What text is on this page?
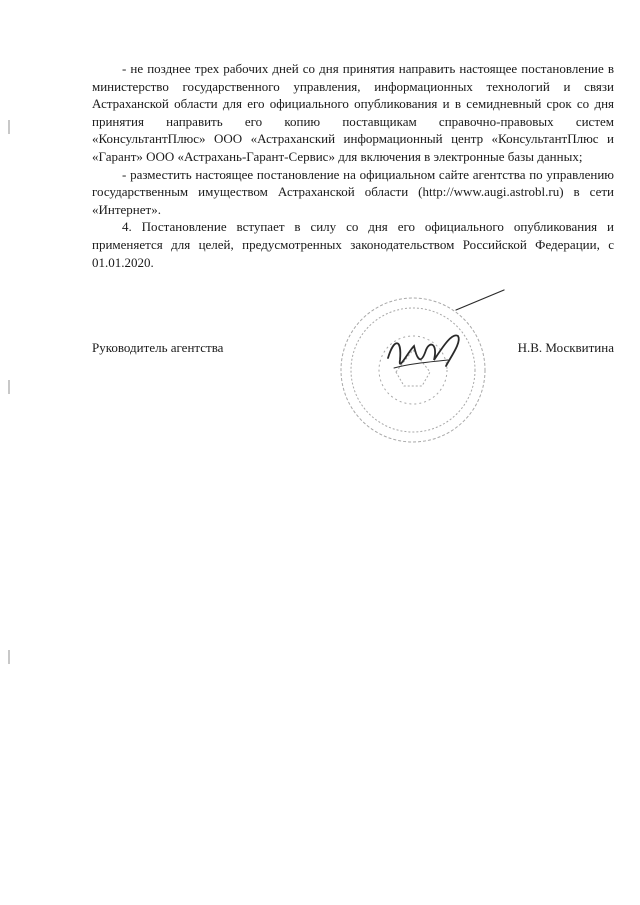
- не позднее трех рабочих дней со дня принятия направить настоящее постановление в министерство государственного управления, информационных технологий и связи Астраханской области для его официального опубликования и в семидневный срок со дня принятия направить его копию поставщикам справочно-правовых систем «КонсультантПлюс» ООО «Астраханский информационный центр «КонсультантПлюс и «Гарант» ООО «Астрахань-Гарант-Сервис» для включения в электронные базы данных;

- разместить настоящее постановление на официальном сайте агентства по управлению государственным имуществом Астраханской области (http://www.augi.astrobl.ru) в сети «Интернет».

4. Постановление вступает в силу со дня его официального опубликования и применяется для целей, предусмотренных законодательством Российской Федерации, с 01.01.2020.

Руководитель агентства	Н.В. Москвитина
